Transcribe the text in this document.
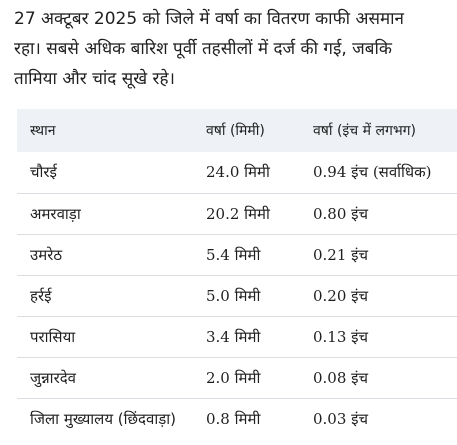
27 अक्टूबर 2025 को जिले में वर्षा का वितरण काफी असमान
रहा। सबसे अधिक बारिश पूर्वी तहसीलों में दर्ज की गई, जबकि
तामिया और चांद सूखे रहे।
स्थान	वर्षा (मिमी)	वर्षा (इंच में लगभग)
चौरई	24.0 मिमी	0.94 इंच (सर्वाधिक)
अमरवाड़ा	20.2 मिमी	0.80 इंच
उमरेठ	5.4 मिमी	0.21 इंच
हर्रई	5.0 मिमी	0.20 इंच
परासिया	3.4 मिमी	0.13 इंच
जुन्नारदेव	2.0 मिमी	0.08 इंच
जिला मुख्यालय (छिंदवाड़ा)	0.8 मिमी	0.03 इंच
